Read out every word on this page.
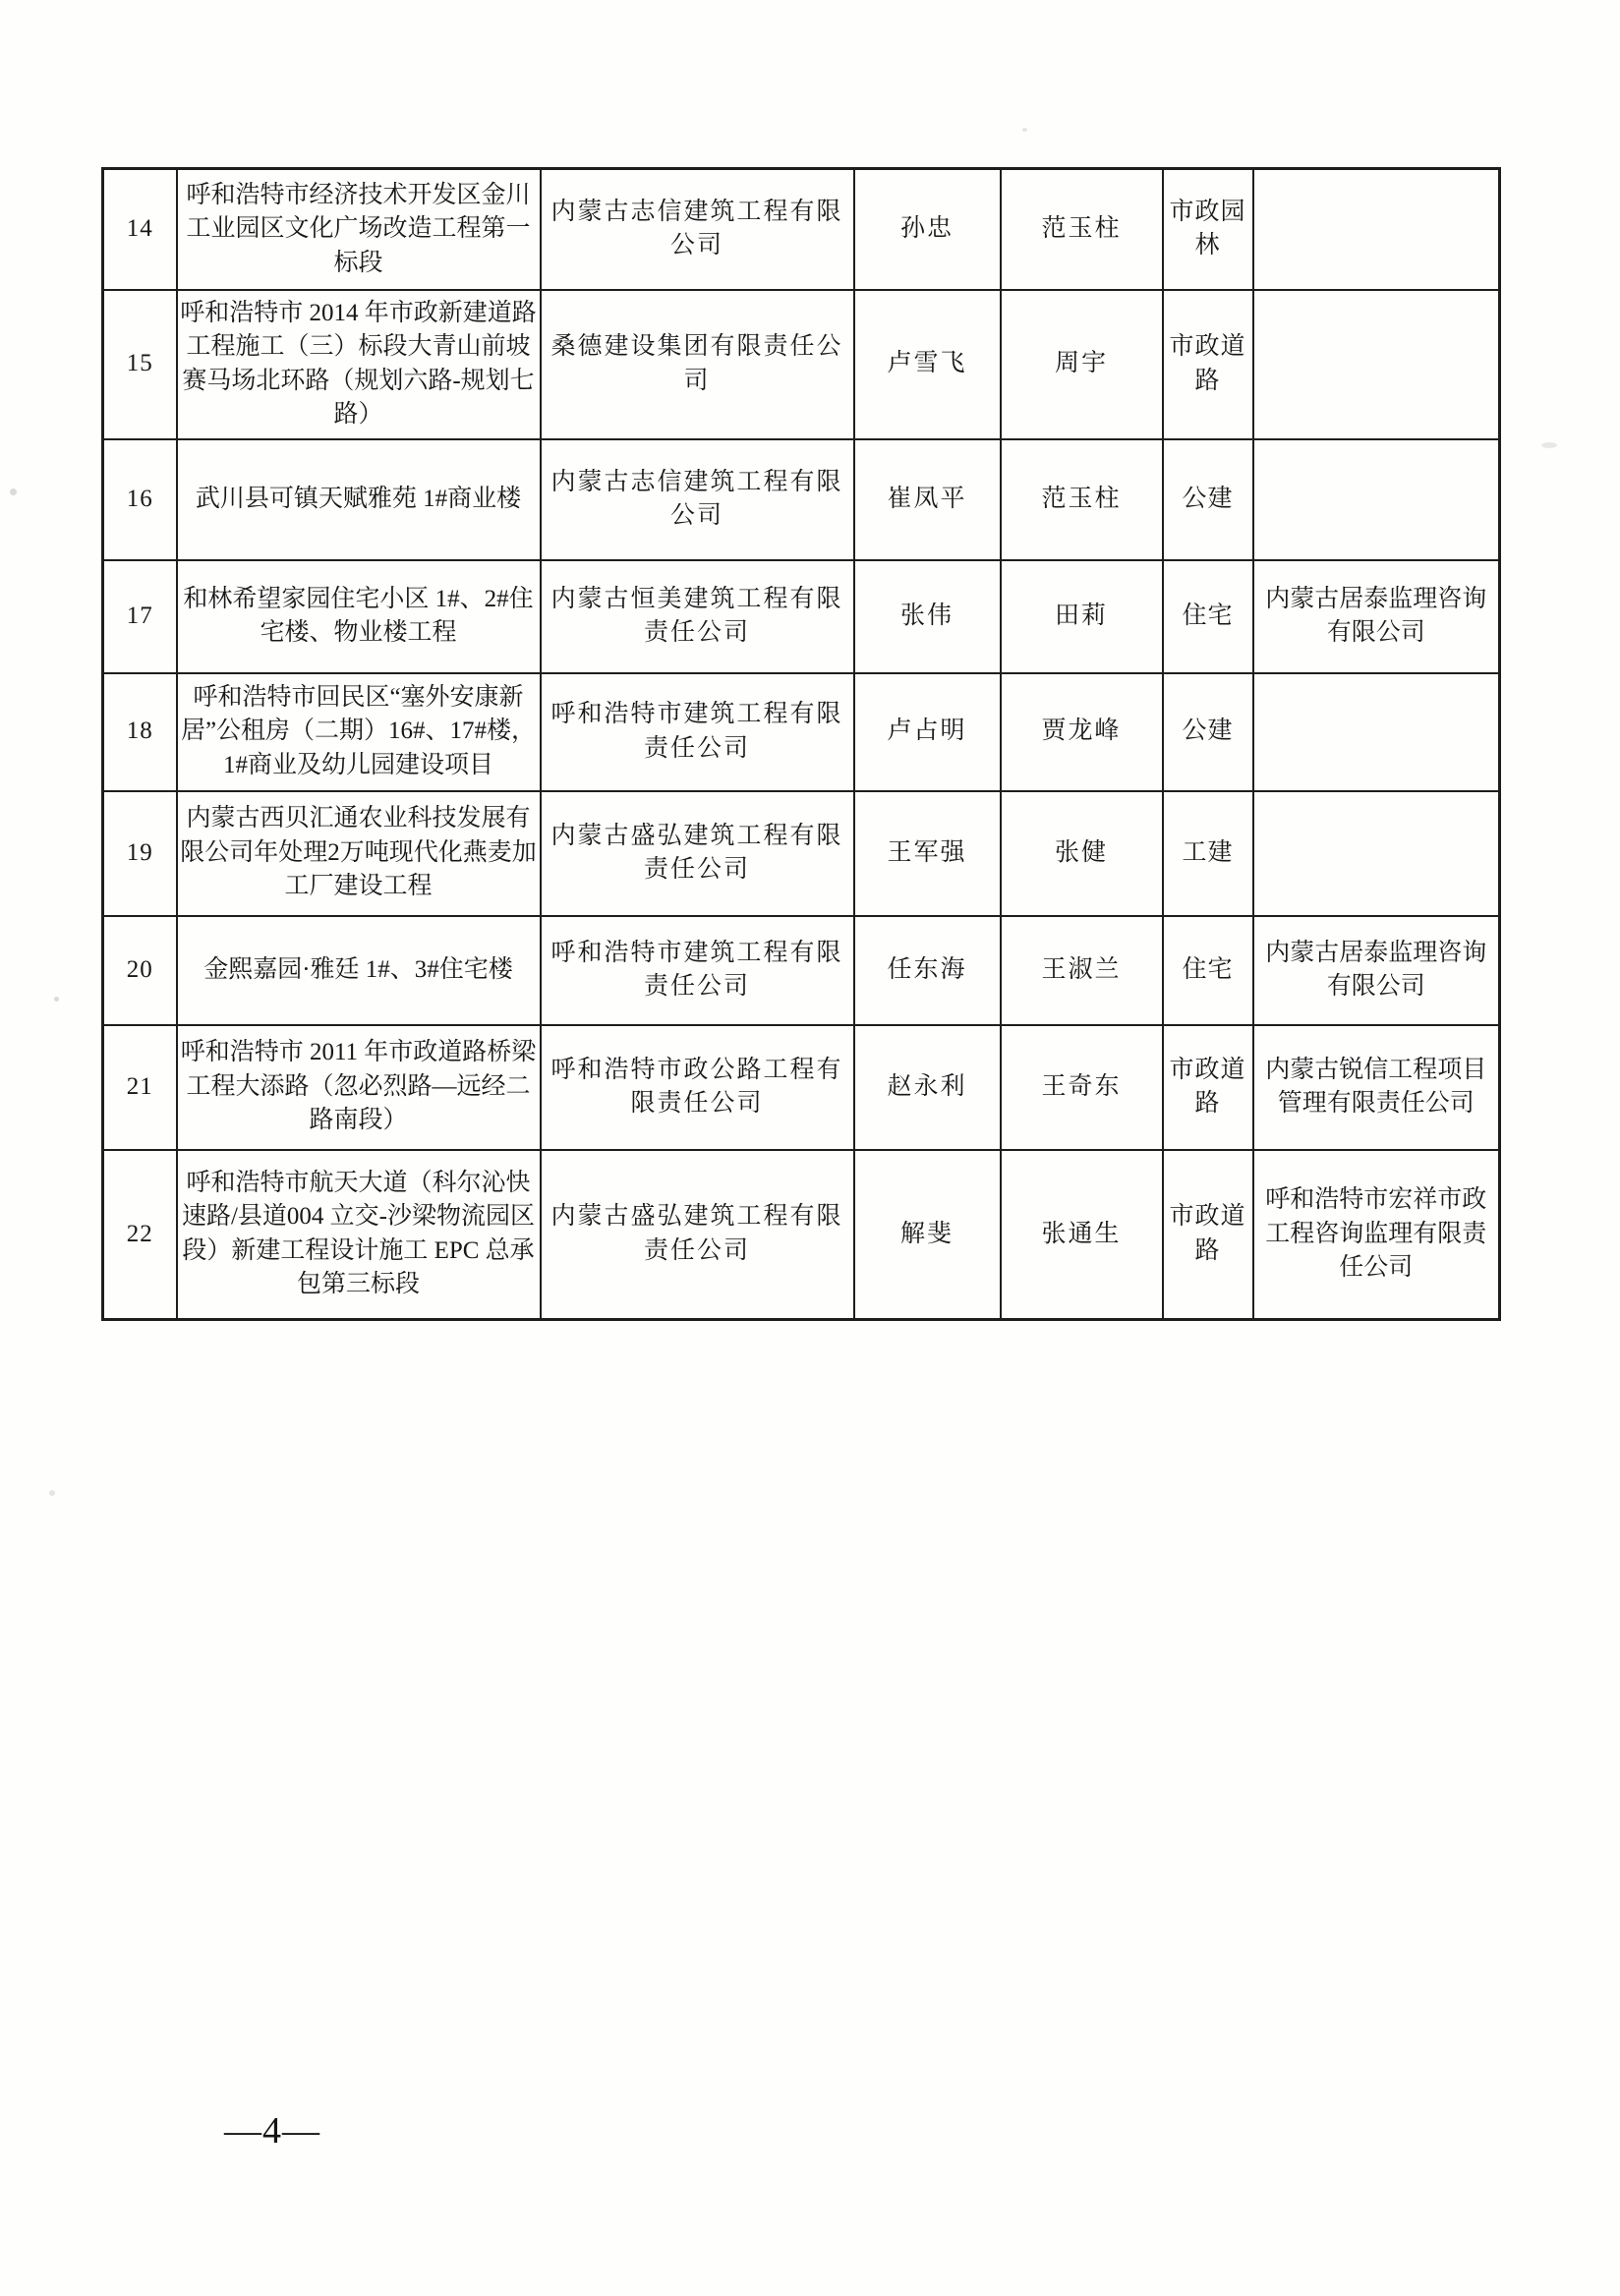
14	呼和浩特市经济技术开发区金川工业园区文化广场改造工程第一标段	内蒙古志信建筑工程有限公司	孙忠	范玉柱	市政园林	
15	呼和浩特市 2014 年市政新建道路工程施工（三）标段大青山前坡赛马场北环路（规划六路-规划七路）	桑德建设集团有限责任公司	卢雪飞	周宇	市政道路	
16	武川县可镇天赋雅苑 1#商业楼	内蒙古志信建筑工程有限公司	崔凤平	范玉柱	公建	
17	和林希望家园住宅小区 1#、2#住宅楼、物业楼工程	内蒙古恒美建筑工程有限责任公司	张伟	田莉	住宅	内蒙古居泰监理咨询有限公司
18	呼和浩特市回民区“塞外安康新居”公租房（二期）16#、17#楼，1#商业及幼儿园建设项目	呼和浩特市建筑工程有限责任公司	卢占明	贾龙峰	公建	
19	内蒙古西贝汇通农业科技发展有限公司年处理2万吨现代化燕麦加工厂建设工程	内蒙古盛弘建筑工程有限责任公司	王军强	张健	工建	
20	金熙嘉园·雅廷 1#、3#住宅楼	呼和浩特市建筑工程有限责任公司	任东海	王淑兰	住宅	内蒙古居泰监理咨询有限公司
21	呼和浩特市 2011 年市政道路桥梁工程大添路（忽必烈路—远经二路南段）	呼和浩特市政公路工程有限责任公司	赵永利	王奇东	市政道路	内蒙古锐信工程项目管理有限责任公司
22	呼和浩特市航天大道（科尔沁快速路/县道004 立交-沙梁物流园区段）新建工程设计施工 EPC 总承包第三标段	内蒙古盛弘建筑工程有限责任公司	解斐	张通生	市政道路	呼和浩特市宏祥市政工程咨询监理有限责任公司
—4—
